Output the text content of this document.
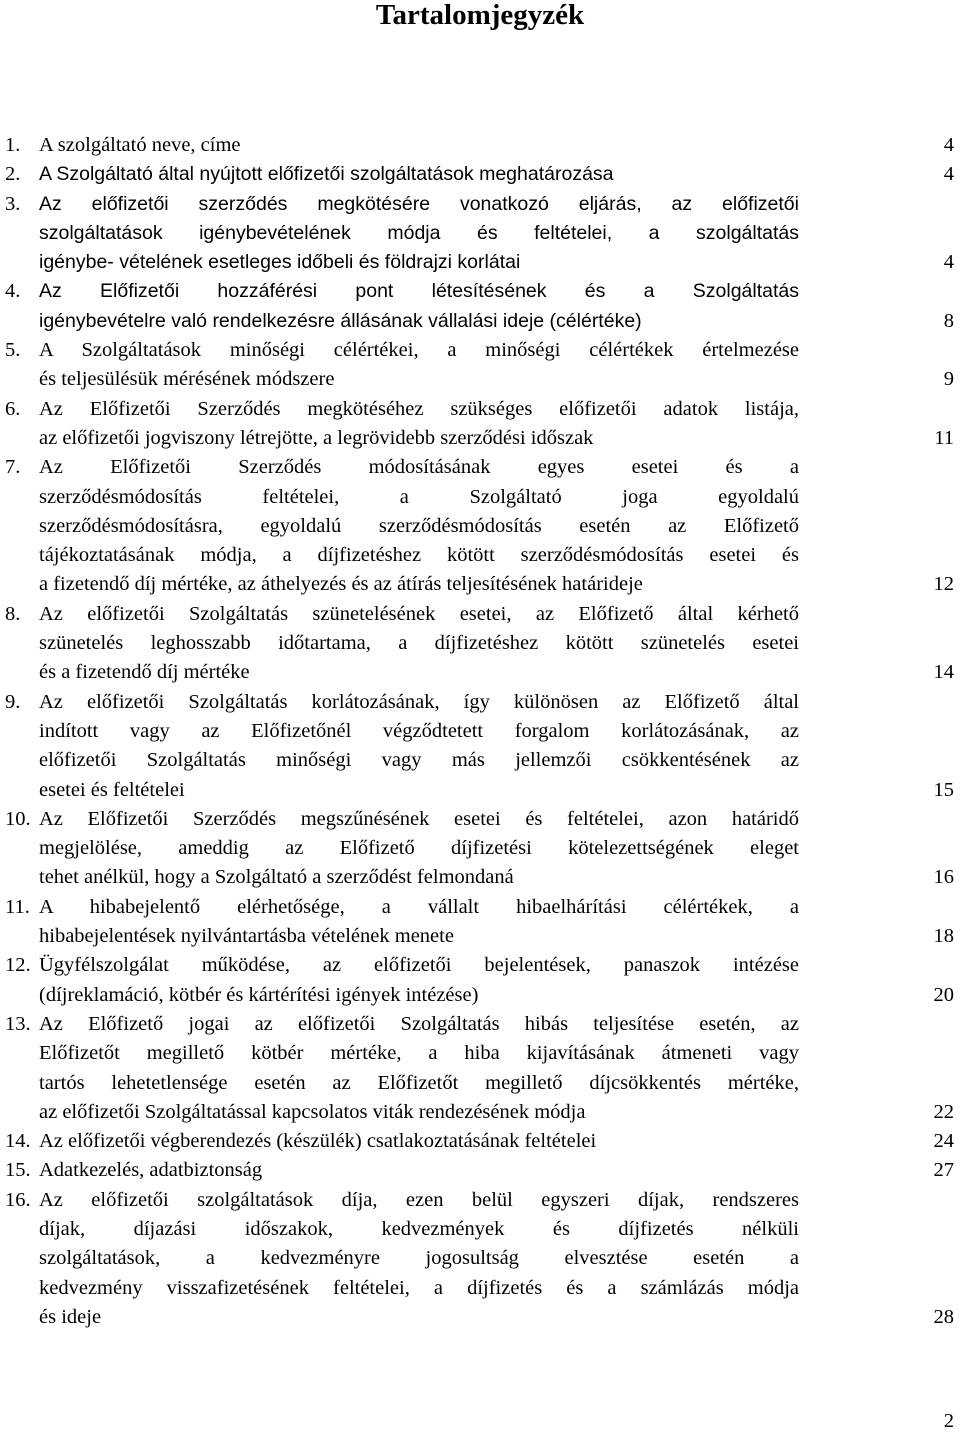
Tartalomjegyzék
1. A szolgáltató neve, címe	4
2. A Szolgáltató által nyújtott előfizetői szolgáltatások meghatározása	4
3. Az előfizetői szerződés megkötésére vonatkozó eljárás, az előfizetői
szolgáltatások igénybevételének módja és feltételei, a szolgáltatás
igénybe- vételének esetleges időbeli és földrajzi korlátai	4
4. Az Előfizetői hozzáférési pont létesítésének és a Szolgáltatás
igénybevételre való rendelkezésre állásának vállalási ideje (célértéke)	8
5. A Szolgáltatások minőségi célértékei, a minőségi célértékek értelmezése
és teljesülésük mérésének módszere	9
6. Az Előfizetői Szerződés megkötéséhez szükséges előfizetői adatok listája,
az előfizetői jogviszony létrejötte, a legrövidebb szerződési időszak	11
7. Az Előfizetői Szerződés módosításának egyes esetei és a
szerződésmódosítás feltételei, a Szolgáltató joga egyoldalú
szerződésmódosításra, egyoldalú szerződésmódosítás esetén az Előfizető
tájékoztatásának módja, a díjfizetéshez kötött szerződésmódosítás esetei és
a fizetendő díj mértéke, az áthelyezés és az átírás teljesítésének határideje	12
8. Az előfizetői Szolgáltatás szünetelésének esetei, az Előfizető által kérhető
szünetelés leghosszabb időtartama, a díjfizetéshez kötött szünetelés esetei
és a fizetendő díj mértéke	14
9. Az előfizetői Szolgáltatás korlátozásának, így különösen az Előfizető által
indított vagy az Előfizetőnél végződtetett forgalom korlátozásának, az
előfizetői Szolgáltatás minőségi vagy más jellemzői csökkentésének az
esetei és feltételei	15
10. Az Előfizetői Szerződés megszűnésének esetei és feltételei, azon határidő
megjelölése, ameddig az Előfizető díjfizetési kötelezettségének eleget
tehet anélkül, hogy a Szolgáltató a szerződést felmondaná	16
11. A hibabejelentő elérhetősége, a vállalt hibaelhárítási célértékek, a
hibabejelentések nyilvántartásba vételének menete	18
12. Ügyfélszolgálat működése, az előfizetői bejelentések, panaszok intézése
(díjreklamáció, kötbér és kártérítési igények intézése)	20
13. Az Előfizető jogai az előfizetői Szolgáltatás hibás teljesítése esetén, az
Előfizetőt megillető kötbér mértéke, a hiba kijavításának átmeneti vagy
tartós lehetetlensége esetén az Előfizetőt megillető díjcsökkentés mértéke,
az előfizetői Szolgáltatással kapcsolatos viták rendezésének módja	22
14. Az előfizetői végberendezés (készülék) csatlakoztatásának feltételei	24
15. Adatkezelés, adatbiztonság	27
16. Az előfizetői szolgáltatások díja, ezen belül egyszeri díjak, rendszeres
díjak, díjazási időszakok, kedvezmények és díjfizetés nélküli
szolgáltatások, a kedvezményre jogosultság elvesztése esetén a
kedvezmény visszafizetésének feltételei, a díjfizetés és a számlázás módja
és ideje	28
2
